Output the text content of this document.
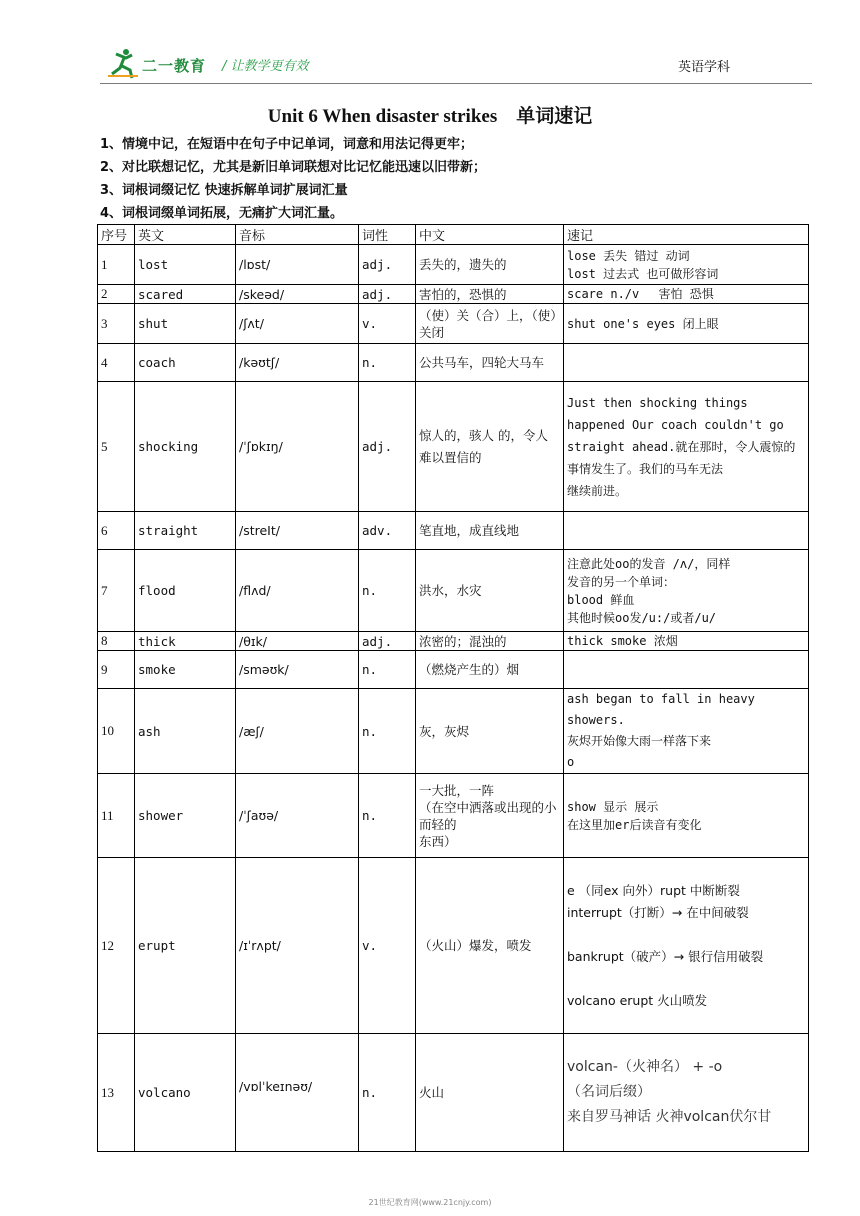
二一教育 / 让教学更有效	英语学科
Unit 6 When disaster strikes　单词速记
1、情境中记，在短语中在句子中记单词，词意和用法记得更牢；
2、对比联想记忆，尤其是新旧单词联想对比记忆能迅速以旧带新；
3、词根词缀记忆 快速拆解单词扩展词汇量
4、词根词缀单词拓展，无痛扩大词汇量。
序号	英文	音标	词性	中文	速记
1	lost	/lɒst/	adj.	丢失的，遗失的	lose 丢失 错过 动词
lost 过去式 也可做形容词
2	scared	/skeəd/	adj.	害怕的，恐惧的	scare n./v　 害怕 恐惧
3	shut	/ʃʌt/	v.	（使）关（合）上，（使）关闭	shut one's eyes 闭上眼
4	coach	/kəʊtʃ/	n.	公共马车，四轮大马车	
5	shocking	/ˈʃɒkɪŋ/	adj.	惊人的，骇人 的，令人难以置信的	Just then shocking things happened Our coach couldn't go straight ahead.就在那时，令人震惊的事情发生了。我们的马车无法
继续前进。
6	straight	/streIt/	adv.	笔直地，成直线地	
7	flood	/flʌd/	n.	洪水，水灾	注意此处oo的发音 /ʌ/，同样
发音的另一个单词：
blood 鲜血
其他时候oo发/u:/或者/u/
8	thick	/θɪk/	adj.	浓密的；混浊的	thick smoke 浓烟
9	smoke	/sməʊk/	n.	（燃烧产生的）烟	
10	ash	/æʃ/	n.	灰，灰烬	ash began to fall in heavy showers.
灰烬开始像大雨一样落下来
o
11	shower	/ˈʃaʊə/	n.	一大批，一阵
（在空中洒落或出现的小而轻的
东西）	show 显示 展示
在这里加er后读音有变化
12	erupt	/ɪˈrʌpt/	v.	（火山）爆发，喷发	e （同ex 向外）rupt 中断断裂
interrupt（打断）→ 在中间破裂

bankrupt（破产）→ 银行信用破裂

volcano erupt 火山喷发
13	volcano	/vɒlˈkeɪnəʊ/	n.	火山	volcan-（火神名） + -o
（名词后缀）
来自罗马神话 火神volcan伏尔甘
21世纪教育网(www.21cnjy.com)
